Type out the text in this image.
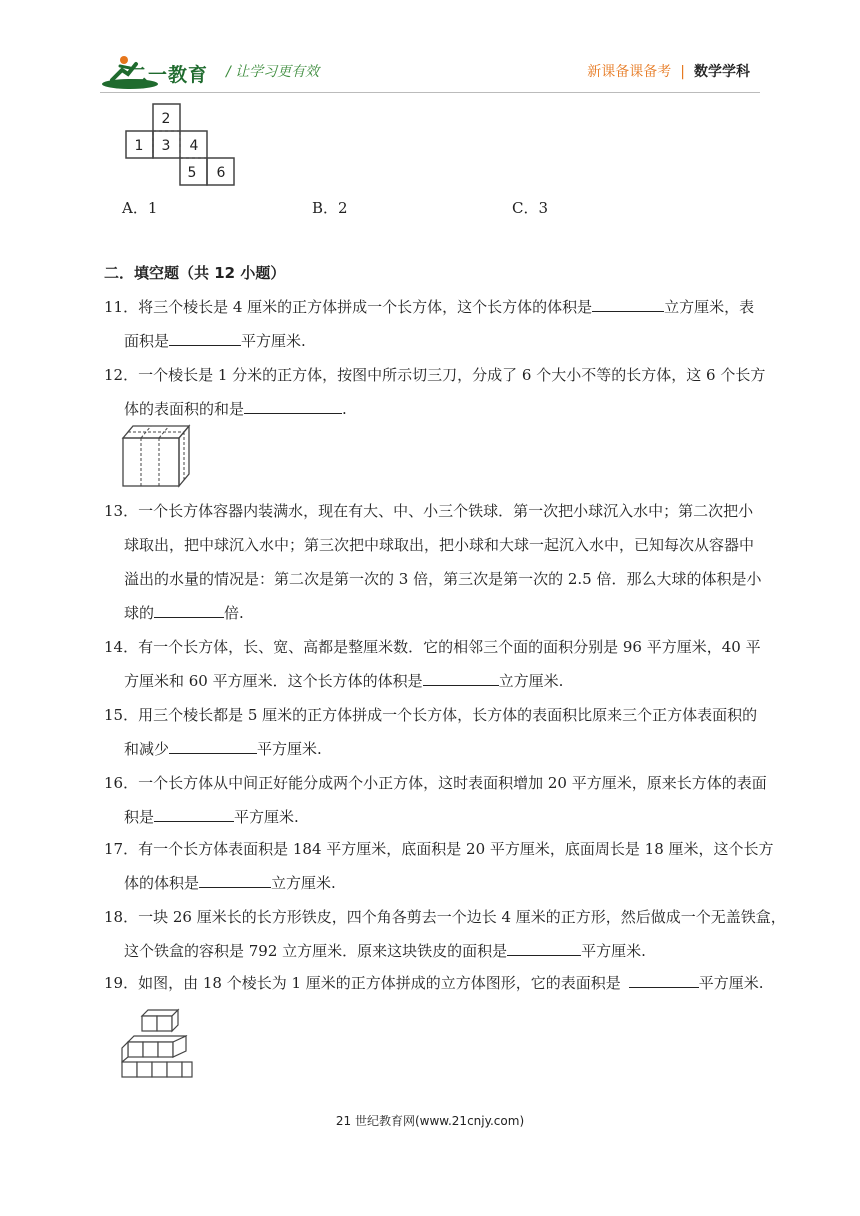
二一教育 / 让学习更有效	新课备课备考 | 数学学科
2
1 3 4
5 6
A．1	B．2	C．3
二．填空题（共 12 小题）
11．将三个棱长是 4 厘米的正方体拼成一个长方体，这个长方体的体积是	立方厘米，表
面积是	平方厘米.
12．一个棱长是 1 分米的正方体，按图中所示切三刀，分成了 6 个大小不等的长方体，这 6 个长方
体的表面积的和是	.
13．一个长方体容器内装满水，现在有大、中、小三个铁球．第一次把小球沉入水中；第二次把小
球取出，把中球沉入水中；第三次把中球取出，把小球和大球一起沉入水中，已知每次从容器中
溢出的水量的情况是：第二次是第一次的 3 倍，第三次是第一次的 2.5 倍．那么大球的体积是小
球的	倍.
14．有一个长方体，长、宽、高都是整厘米数．它的相邻三个面的面积分别是 96 平方厘米，40 平
方厘米和 60 平方厘米．这个长方体的体积是	立方厘米.
15．用三个棱长都是 5 厘米的正方体拼成一个长方体，长方体的表面积比原来三个正方体表面积的
和减少	平方厘米.
16．一个长方体从中间正好能分成两个小正方体，这时表面积增加 20 平方厘米，原来长方体的表面
积是	平方厘米.
17．有一个长方体表面积是 184 平方厘米，底面积是 20 平方厘米，底面周长是 18 厘米，这个长方
体的体积是	立方厘米.
18．一块 26 厘米长的长方形铁皮，四个角各剪去一个边长 4 厘米的正方形，然后做成一个无盖铁盒，
这个铁盒的容积是 792 立方厘米．原来这块铁皮的面积是	平方厘米.
19．如图，由 18 个棱长为 1 厘米的正方体拼成的立方体图形，它的表面积是	平方厘米.
21 世纪教育网(www.21cnjy.com)
